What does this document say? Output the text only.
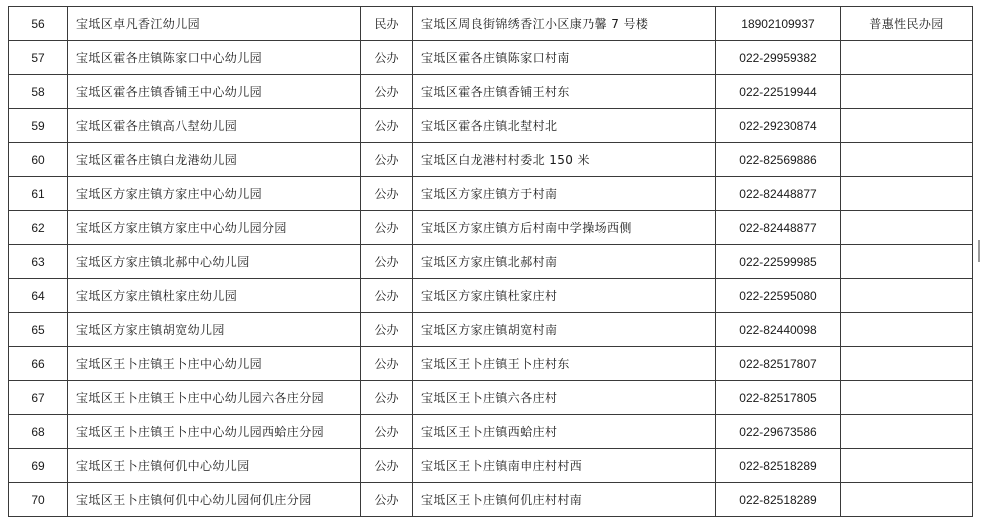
56	宝坻区卓凡香江幼儿园	民办	宝坻区周良街锦绣香江小区康乃馨 7 号楼	18902109937	普惠性民办园
57	宝坻区霍各庄镇陈家口中心幼儿园	公办	宝坻区霍各庄镇陈家口村南	022-29959382	
58	宝坻区霍各庄镇香铺王中心幼儿园	公办	宝坻区霍各庄镇香铺王村东	022-22519944	
59	宝坻区霍各庄镇高八堼幼儿园	公办	宝坻区霍各庄镇北堼村北	022-29230874	
60	宝坻区霍各庄镇白龙港幼儿园	公办	宝坻区白龙港村村委北 150 米	022-82569886	
61	宝坻区方家庄镇方家庄中心幼儿园	公办	宝坻区方家庄镇方于村南	022-82448877	
62	宝坻区方家庄镇方家庄中心幼儿园分园	公办	宝坻区方家庄镇方后村南中学操场西侧	022-82448877	
63	宝坻区方家庄镇北郝中心幼儿园	公办	宝坻区方家庄镇北郝村南	022-22599985	
64	宝坻区方家庄镇杜家庄幼儿园	公办	宝坻区方家庄镇杜家庄村	022-22595080	
65	宝坻区方家庄镇胡宽幼儿园	公办	宝坻区方家庄镇胡宽村南	022-82440098	
66	宝坻区王卜庄镇王卜庄中心幼儿园	公办	宝坻区王卜庄镇王卜庄村东	022-82517807	
67	宝坻区王卜庄镇王卜庄中心幼儿园六各庄分园	公办	宝坻区王卜庄镇六各庄村	022-82517805	
68	宝坻区王卜庄镇王卜庄中心幼儿园西蛤庄分园	公办	宝坻区王卜庄镇西蛤庄村	022-29673586	
69	宝坻区王卜庄镇何仉中心幼儿园	公办	宝坻区王卜庄镇南申庄村村西	022-82518289	
70	宝坻区王卜庄镇何仉中心幼儿园何仉庄分园	公办	宝坻区王卜庄镇何仉庄村村南	022-82518289	
